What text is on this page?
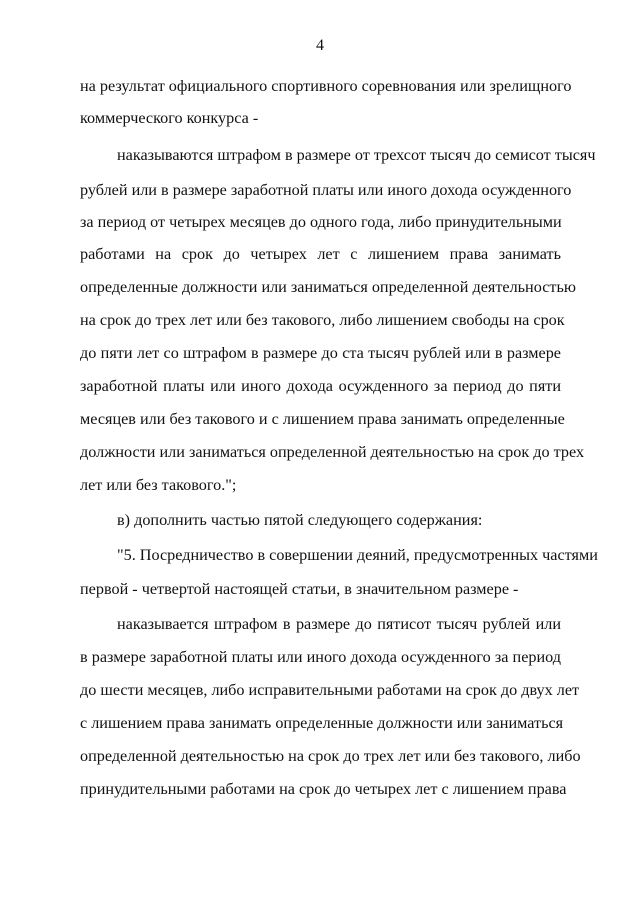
4
на результат официального спортивного соревнования или зрелищного
коммерческого конкурса -
наказываются штрафом в размере от трехсот тысяч до семисот тысяч
рублей или в размере заработной платы или иного дохода осужденного
за период от четырех месяцев до одного года, либо принудительными
работами на срок до четырех лет с лишением права занимать
определенные должности или заниматься определенной деятельностью
на срок до трех лет или без такового, либо лишением свободы на срок
до пяти лет со штрафом в размере до ста тысяч рублей или в размере
заработной платы или иного дохода осужденного за период до пяти
месяцев или без такового и с лишением права занимать определенные
должности или заниматься определенной деятельностью на срок до трех
лет или без такового.";
в) дополнить частью пятой следующего содержания:
"5. Посредничество в совершении деяний, предусмотренных частями
первой - четвертой настоящей статьи, в значительном размере -
наказывается штрафом в размере до пятисот тысяч рублей или
в размере заработной платы или иного дохода осужденного за период
до шести месяцев, либо исправительными работами на срок до двух лет
с лишением права занимать определенные должности или заниматься
определенной деятельностью на срок до трех лет или без такового, либо
принудительными работами на срок до четырех лет с лишением права
